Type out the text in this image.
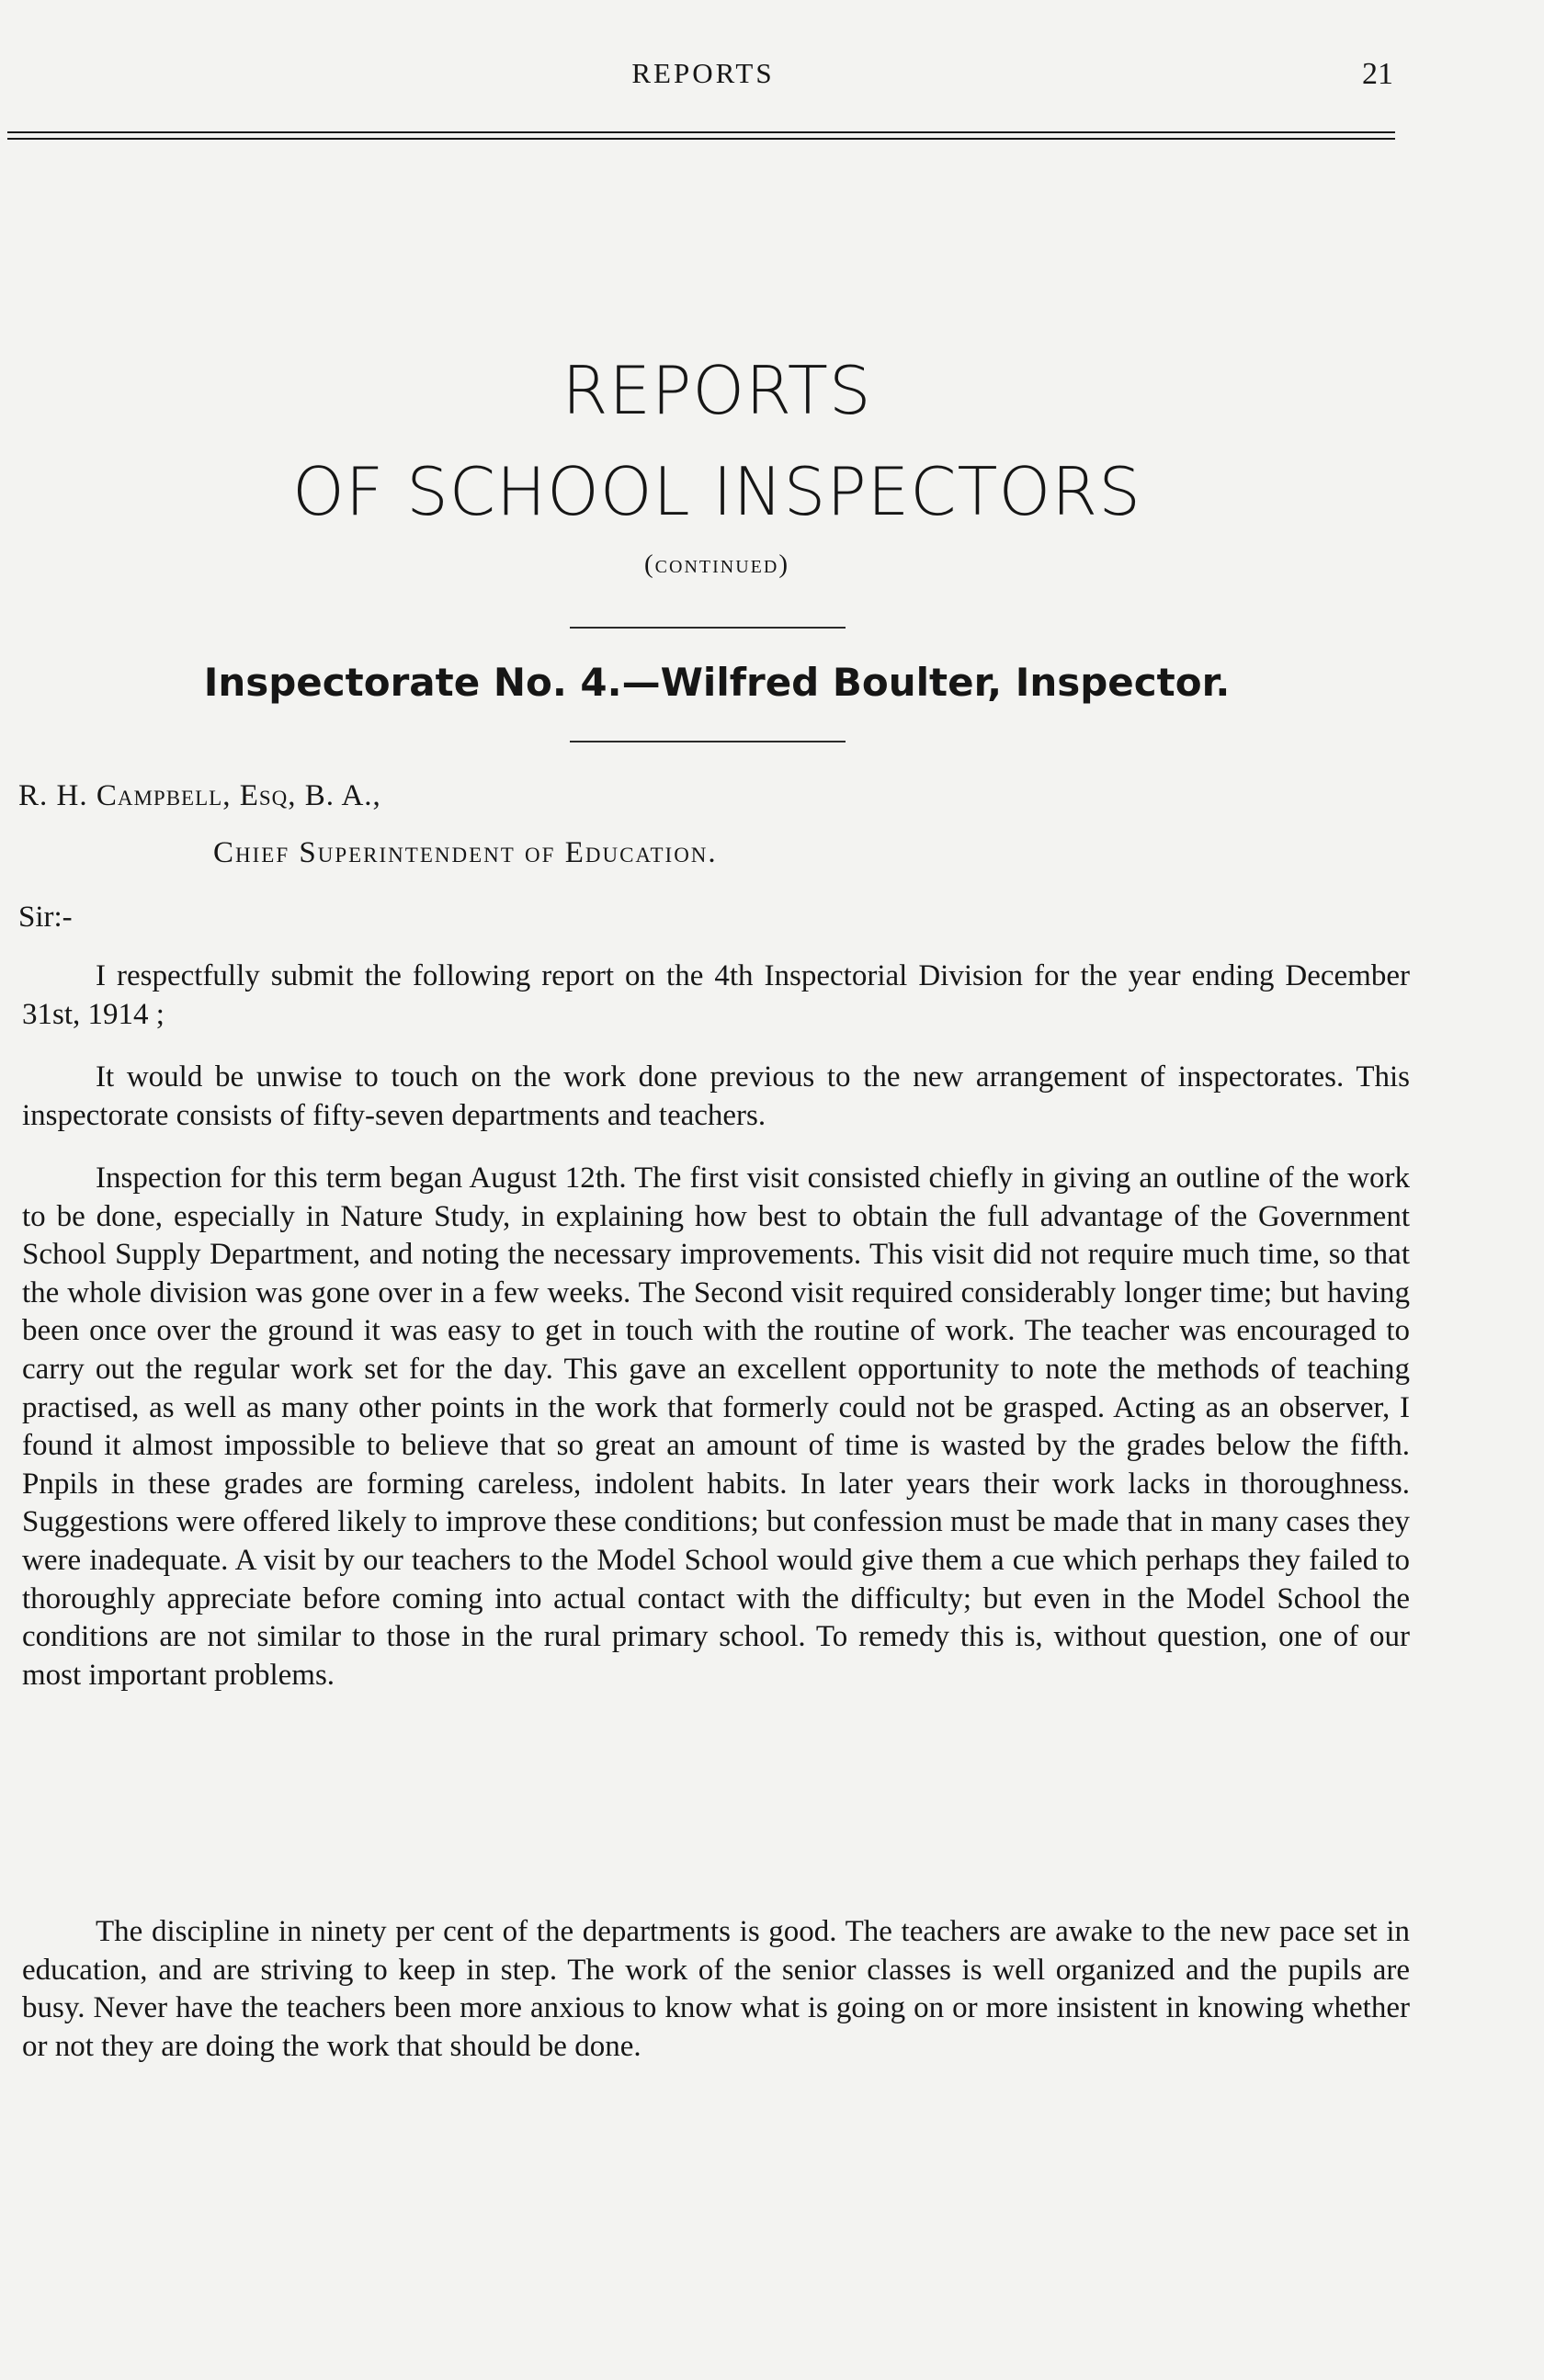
REPORTS	21
REPORTS
OF SCHOOL INSPECTORS
(continued)
Inspectorate No. 4.—Wilfred Boulter, Inspector.
R. H. Campbell, Esq, B. A.,
Chief Superintendent of Education.
Sir:-

I respectfully submit the following report on the 4th Inspectorial Division for the year ending December 31st, 1914 ;

It would be unwise to touch on the work done previous to the new arrangement of inspectorates. This inspectorate consists of fifty-seven departments and teachers.

Inspection for this term began August 12th. The first visit consisted chiefly in giving an outline of the work to be done, especially in Nature Study, in explaining how best to obtain the full advantage of the Government School Supply Department, and noting the necessary improvements. This visit did not require much time, so that the whole division was gone over in a few weeks. The Second visit required considerably longer time; but having been once over the ground it was easy to get in touch with the routine of work. The teacher was encouraged to carry out the regular work set for the day. This gave an excellent opportunity to note the methods of teaching practised, as well as many other points in the work that formerly could not be grasped. Acting as an observer, I found it almost impossible to believe that so great an amount of time is wasted by the grades below the fifth. Pnpils in these grades are forming careless, indolent habits. In later years their work lacks in thoroughness. Suggestions were offered likely to improve these conditions; but confession must be made that in many cases they were inadequate. A visit by our teachers to the Model School would give them a cue which perhaps they failed to thoroughly appreciate before coming into actual contact with the difficulty; but even in the Model School the conditions are not similar to those in the rural primary school. To remedy this is, without question, one of our most important problems.

The discipline in ninety per cent of the departments is good. The teachers are awake to the new pace set in education, and are striving to keep in step. The work of the senior classes is well organized and the pupils are busy. Never have the teachers been more anxious to know what is going on or more insistent in knowing whether or not they are doing the work that should be done.
